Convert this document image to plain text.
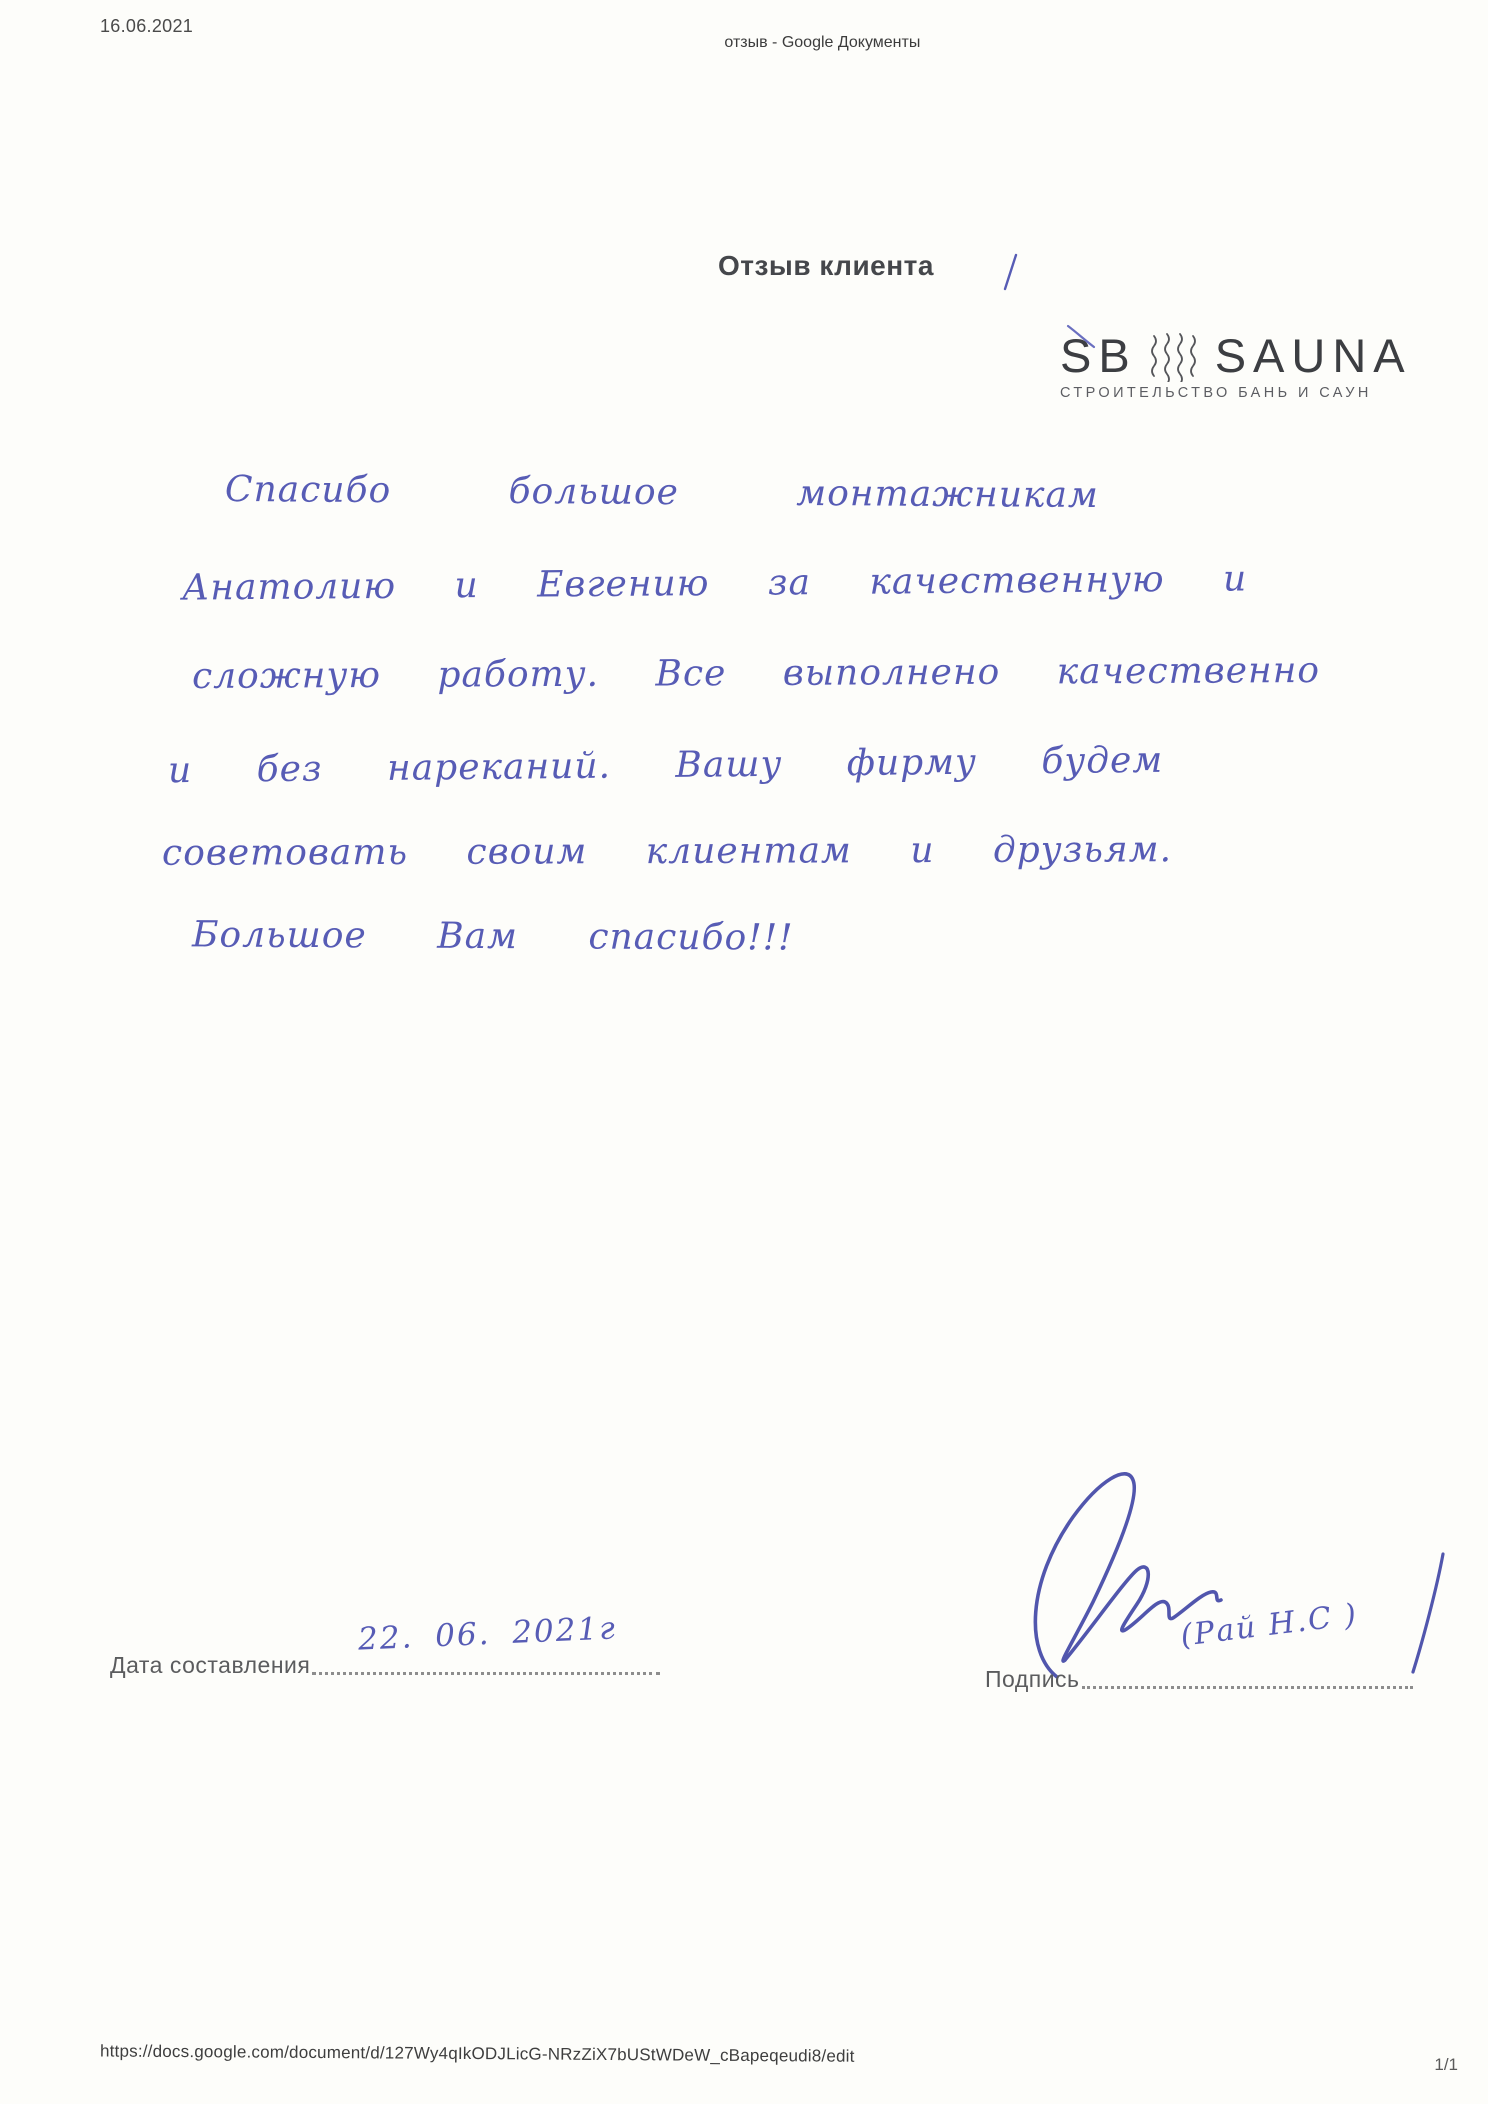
16.06.2021
отзыв - Google Документы
Отзыв клиента
SB SAUNA
СТРОИТЕЛЬСТВО БАНЬ И САУН
Спасибо большое монтажникам
Анатолию и Евгению за качественную и
сложную работу. Все выполнено качественно
и без нареканий. Вашу фирму будем
советовать своим клиентам и друзьям.
Большое Вам спасибо!!!
Дата составления
22. 06. 2021г
Подпись
(Рай Н.С )
https://docs.google.com/document/d/127Wy4qIkODJLicG-NRzZiX7bUStWDeW_cBapeqeudi8/edit	1/1
